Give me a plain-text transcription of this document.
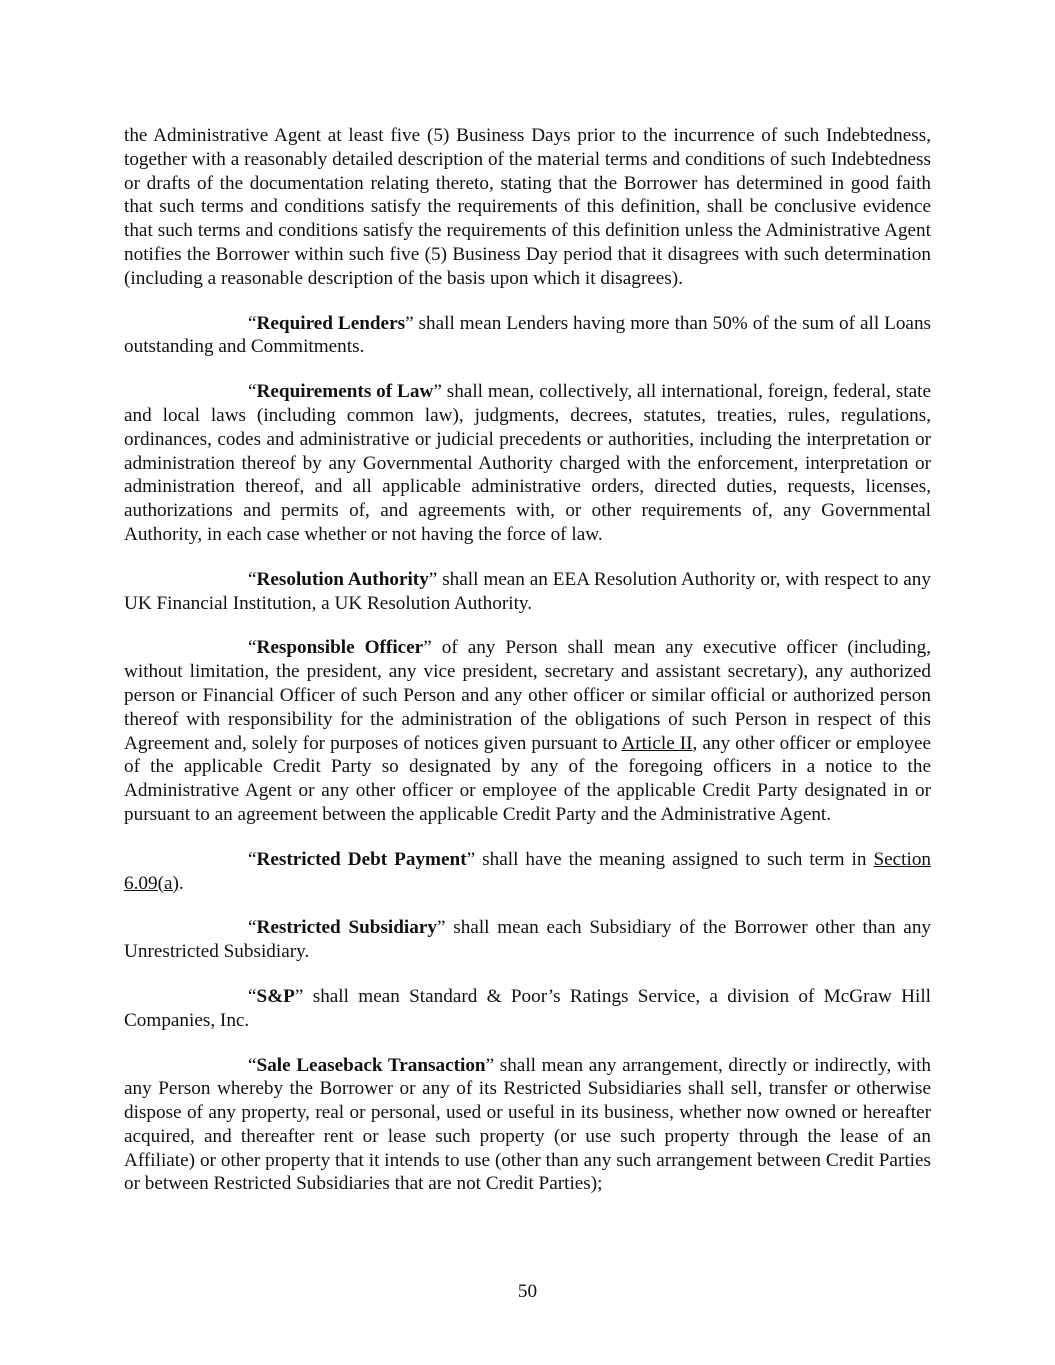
the Administrative Agent at least five (5) Business Days prior to the incurrence of such Indebtedness, together with a reasonably detailed description of the material terms and conditions of such Indebtedness or drafts of the documentation relating thereto, stating that the Borrower has determined in good faith that such terms and conditions satisfy the requirements of this definition, shall be conclusive evidence that such terms and conditions satisfy the requirements of this definition unless the Administrative Agent notifies the Borrower within such five (5) Business Day period that it disagrees with such determination (including a reasonable description of the basis upon which it disagrees).

“Required Lenders” shall mean Lenders having more than 50% of the sum of all Loans outstanding and Commitments.

“Requirements of Law” shall mean, collectively, all international, foreign, federal, state and local laws (including common law), judgments, decrees, statutes, treaties, rules, regulations, ordinances, codes and administrative or judicial precedents or authorities, including the interpretation or administration thereof by any Governmental Authority charged with the enforcement, interpretation or administration thereof, and all applicable administrative orders, directed duties, requests, licenses, authorizations and permits of, and agreements with, or other requirements of, any Governmental Authority, in each case whether or not having the force of law.

“Resolution Authority” shall mean an EEA Resolution Authority or, with respect to any UK Financial Institution, a UK Resolution Authority.

“Responsible Officer” of any Person shall mean any executive officer (including, without limitation, the president, any vice president, secretary and assistant secretary), any authorized person or Financial Officer of such Person and any other officer or similar official or authorized person thereof with responsibility for the administration of the obligations of such Person in respect of this Agreement and, solely for purposes of notices given pursuant to Article II, any other officer or employee of the applicable Credit Party so designated by any of the foregoing officers in a notice to the Administrative Agent or any other officer or employee of the applicable Credit Party designated in or pursuant to an agreement between the applicable Credit Party and the Administrative Agent.

“Restricted Debt Payment” shall have the meaning assigned to such term in Section 6.09(a).

“Restricted Subsidiary” shall mean each Subsidiary of the Borrower other than any Unrestricted Subsidiary.

“S&P” shall mean Standard & Poor’s Ratings Service, a division of McGraw Hill Companies, Inc.

“Sale Leaseback Transaction” shall mean any arrangement, directly or indirectly, with any Person whereby the Borrower or any of its Restricted Subsidiaries shall sell, transfer or otherwise dispose of any property, real or personal, used or useful in its business, whether now owned or hereafter acquired, and thereafter rent or lease such property (or use such property through the lease of an Affiliate) or other property that it intends to use (other than any such arrangement between Credit Parties or between Restricted Subsidiaries that are not Credit Parties);

50
